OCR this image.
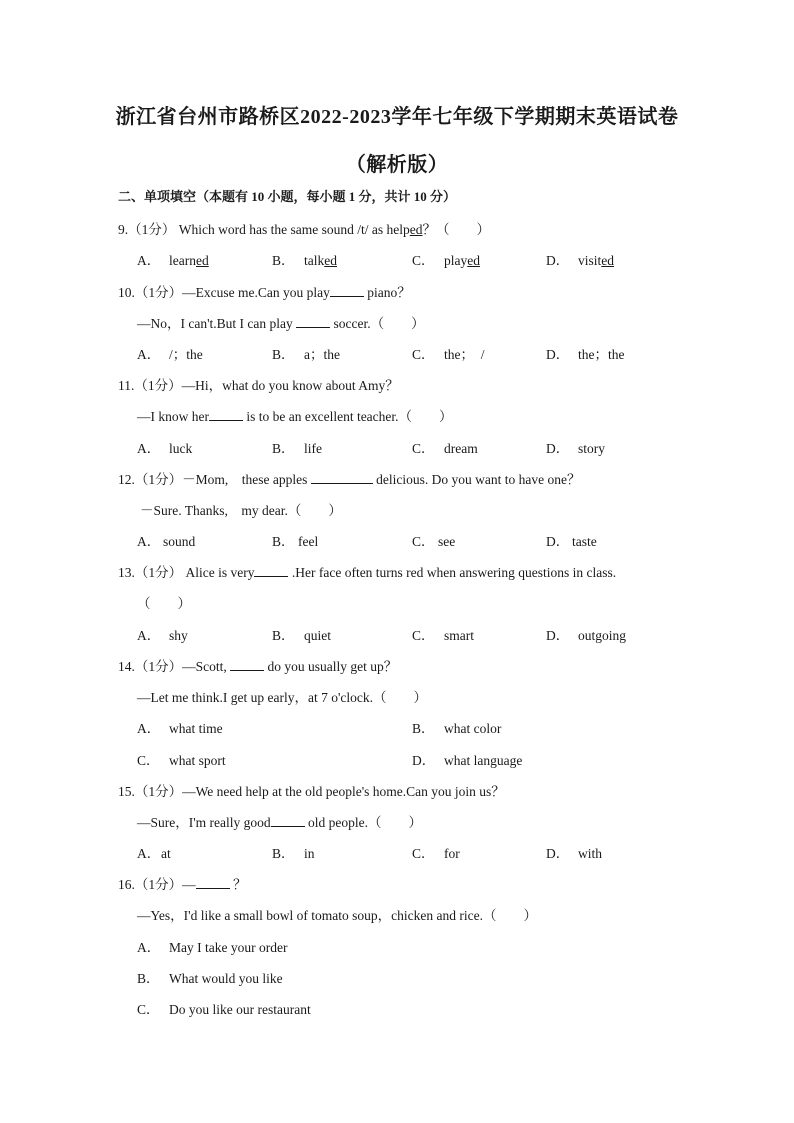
浙江省台州市路桥区2022-2023学年七年级下学期期末英语试卷
（解析版）
二、单项填空（本题有 10 小题，每小题 1 分，共计 10 分）
9.（1分） Which word has the same sound /t/ as helped？（　　）
A． learned	B． talked	C． played	D． visited
10.（1分）—Excuse me.Can you play	piano？
—No，I can't.But I can play	soccer.（　　）
A． /；the	B． a；the	C． the；　/	D． the；the
11.（1分）—Hi，what do you know about Amy？
—I know her	is to be an excellent teacher.（　　）
A． luck	B． life	C． dream	D． story
12.（1分）－Mom,　these apples	delicious. Do you want to have one？
－Sure. Thanks,　my dear.（　　）
A． sound	B． feel	C． see	D． taste
13.（1分） Alice is very	.Her face often turns red when answering questions in class.
（　　）
A． shy	B． quiet	C． smart	D． outgoing
14.（1分）—Scott,	do you usually get up？
—Let me think.I get up early，at 7 o'clock.（　　）
A． what time	B． what color
C． what sport	D． what language
15.（1分）—We need help at the old people's home.Can you join us？
—Sure，I'm really good	old people.（　　）
A．at	B． in	C． for	D． with
16.（1分）—	？
—Yes，I'd like a small bowl of tomato soup，chicken and rice.（　　）
A． May I take your order
B． What would you like
C． Do you like our restaurant
